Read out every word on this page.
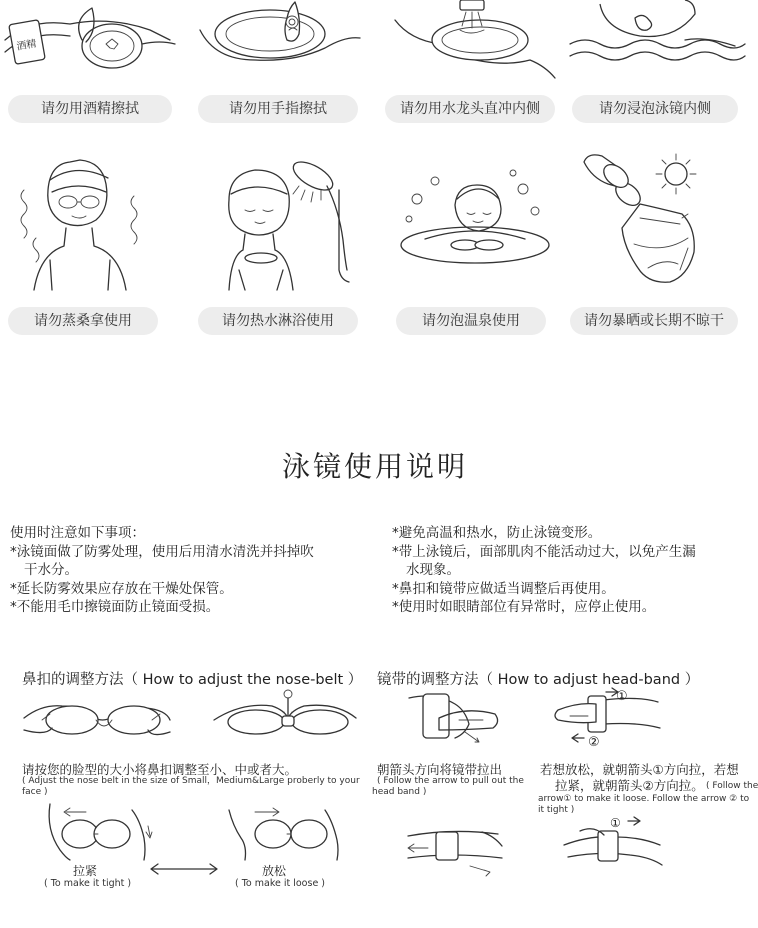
酒精
请勿用酒精擦拭	请勿用手指擦拭	请勿用水龙头直冲内侧	请勿浸泡泳镜内侧
请勿蒸桑拿使用	请勿热水淋浴使用	请勿泡温泉使用	请勿暴晒或长期不晾干
泳镜使用说明
使用时注意如下事项：
*泳镜面做了防雾处理，使用后用清水清洗并抖掉吹
干水分。
*延长防雾效果应存放在干燥处保管。
*不能用毛巾擦镜面防止镜面受损。
*避免高温和热水，防止泳镜变形。
*带上泳镜后，面部肌肉不能活动过大，以免产生漏
水现象。
*鼻扣和镜带应做适当调整后再使用。
*使用时如眼睛部位有异常时，应停止使用。
鼻扣的调整方法（ How to adjust the nose-belt ）
请按您的脸型的大小将鼻扣调整至小、中或者大。
( Adjust the nose belt in the size of Small，Medium&Large proberly to your
face )
拉紧
( To make it tight )
放松
( To make it loose )
镜带的调整方法（ How to adjust head-band ）
①
②
朝箭头方向将镜带拉出
( Follow the arrow to pull out the
head band )
若想放松，就朝箭头①方向拉，若想
拉紧，就朝箭头②方向拉。 ( Follow the
arrow① to make it loose. Follow the arrow ② to
it tight )
①
